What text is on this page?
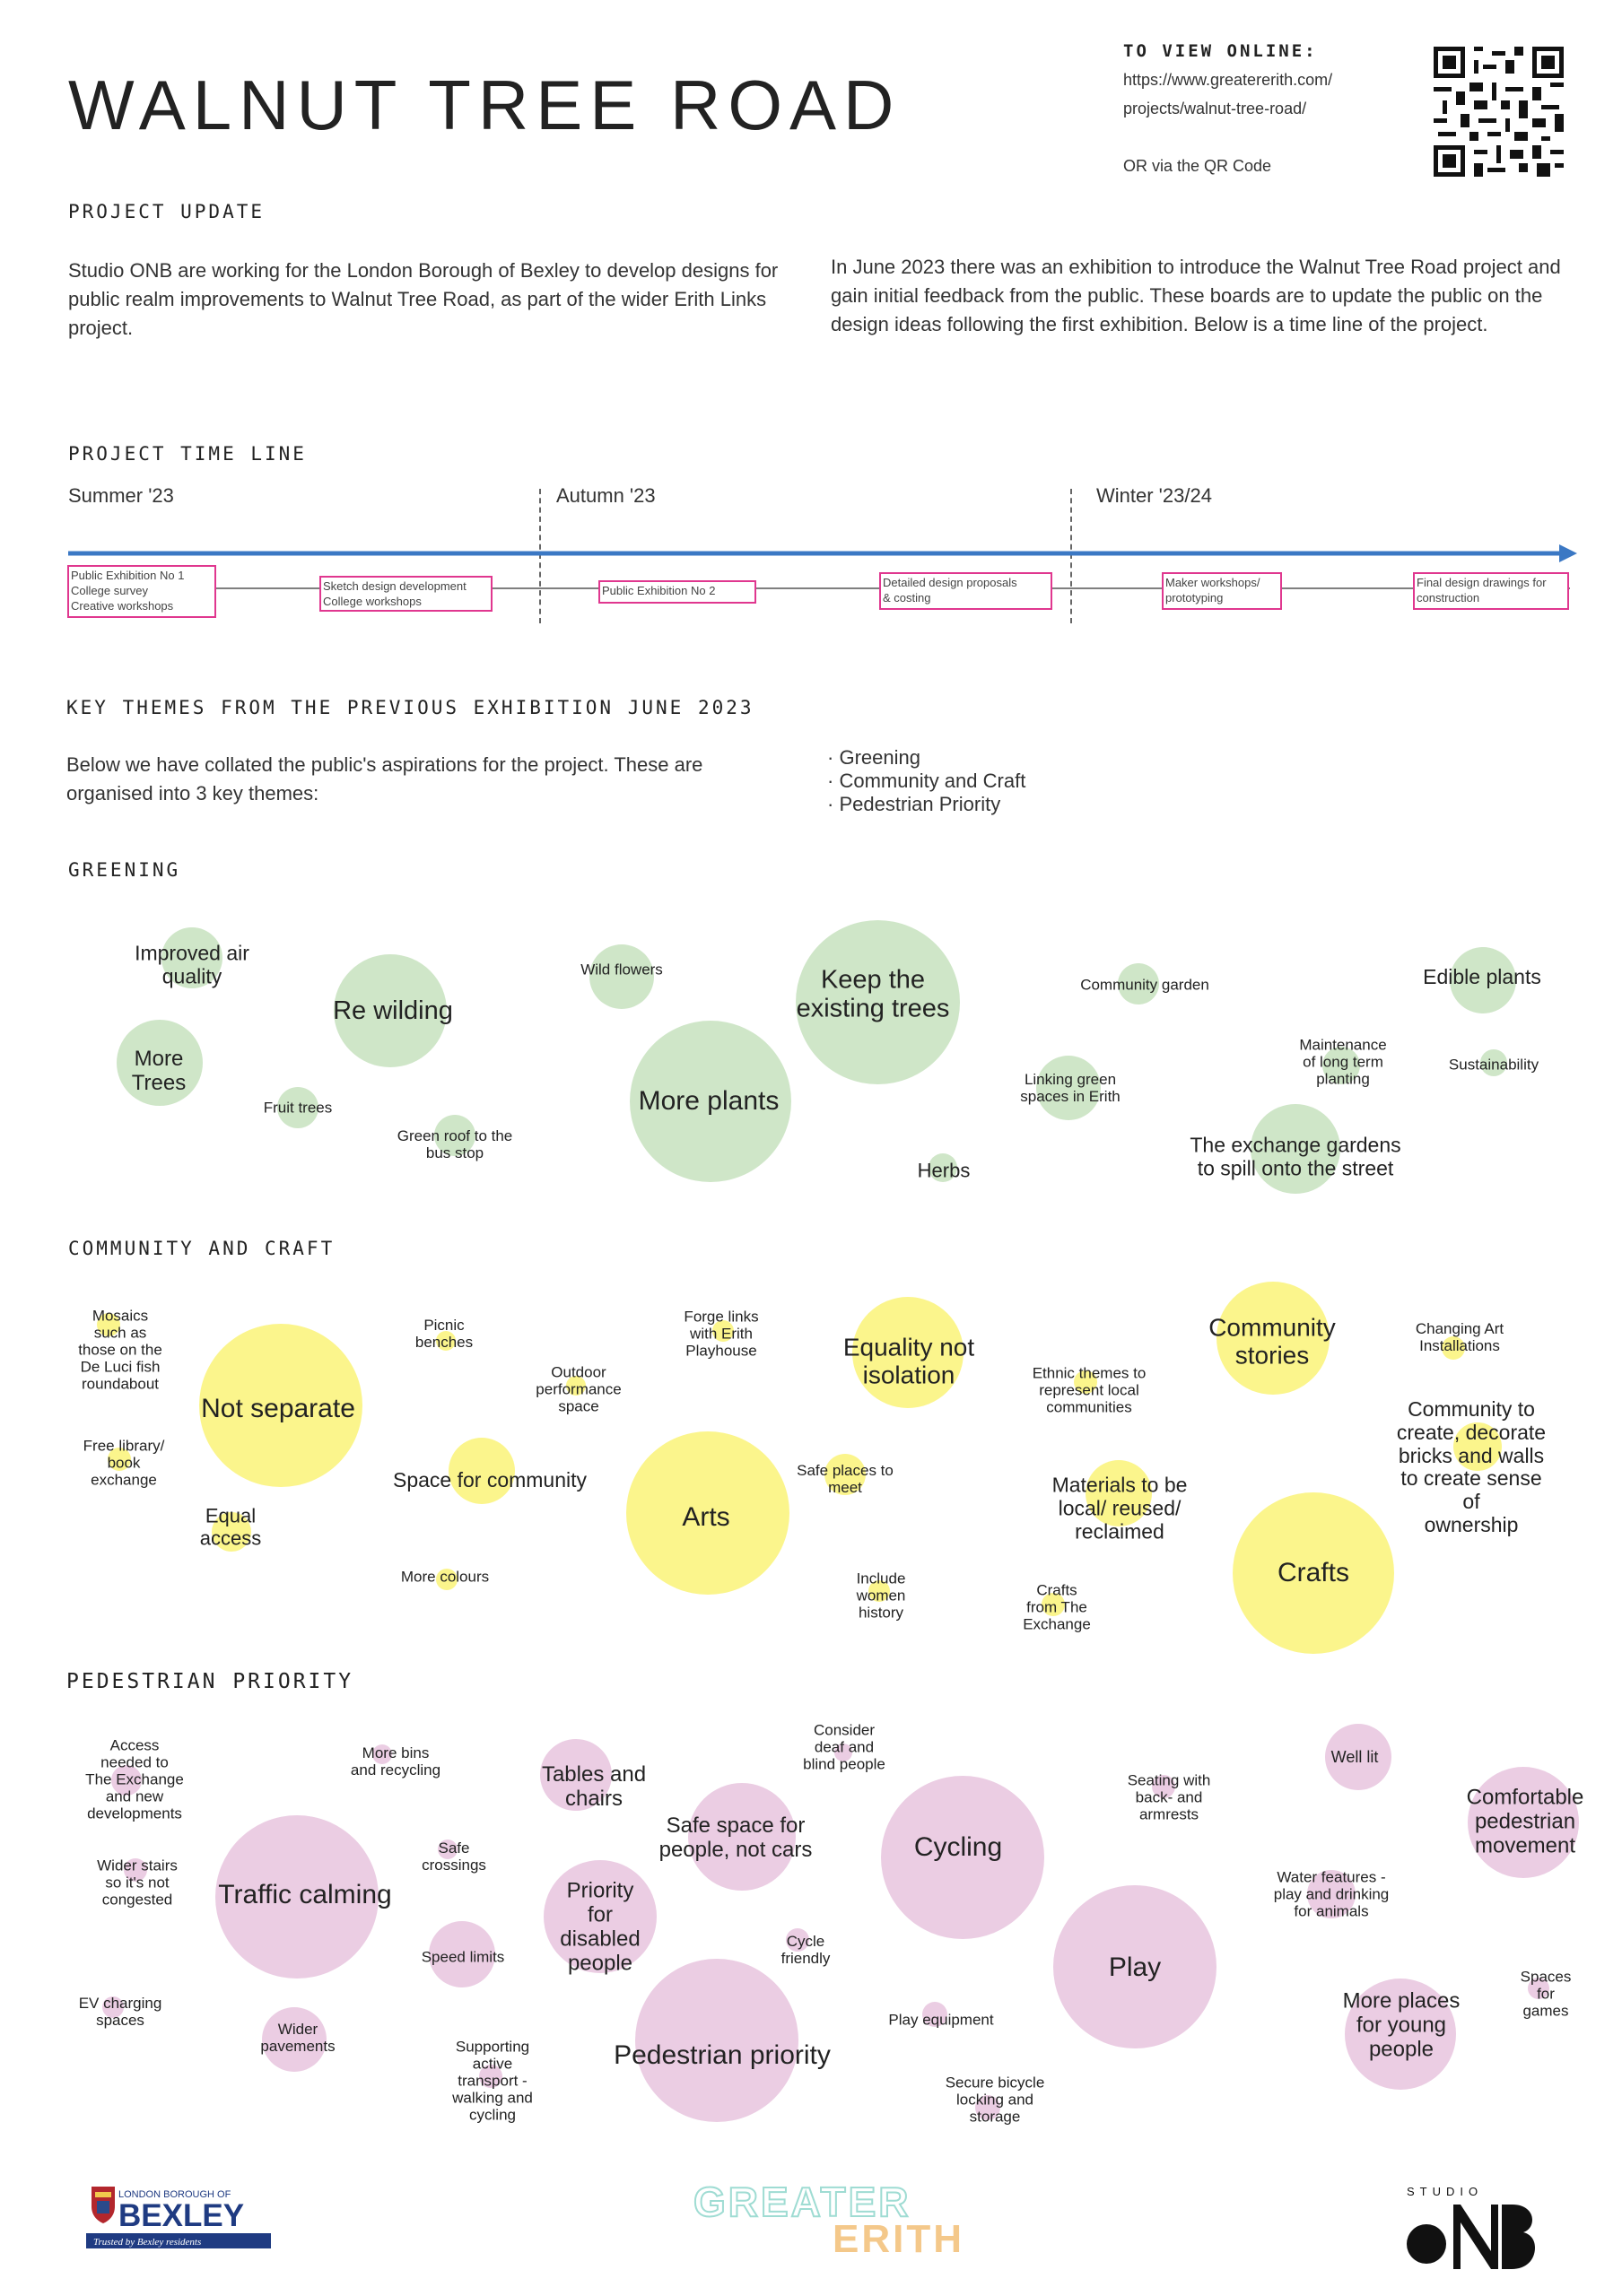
WALNUT TREE ROAD
TO VIEW ONLINE:
https://www.greatererith.com/
projects/walnut-tree-road/
OR via the QR Code
PROJECT UPDATE
Studio ONB are working for the London Borough of Bexley to develop designs for public realm improvements to Walnut Tree Road, as part of the wider Erith Links project.
In June 2023 there was an exhibition to introduce the Walnut Tree Road project and gain initial feedback from the public. These boards are to update the public on the design ideas following the first exhibition. Below is a time line of the project.
PROJECT TIME LINE
Summer '23	Autumn '23	Winter '23/24
Public Exhibition No 1
College survey
Creative workshops
Sketch design development
College workshops
Public Exhibition No 2
Detailed design proposals
& costing
Maker workshops/
prototyping
Final design drawings for
construction
KEY THEMES FROM THE PREVIOUS EXHIBITION JUNE 2023
Below we have collated the public's aspirations for the project. These are organised into 3 key themes:
· Greening
· Community and Craft
· Pedestrian Priority
GREENING
Improved air
quality
Re wilding
Wild flowers	Keep the
existing trees
Community garden	Edible plants
More
Trees
Fruit trees
Green roof to the
bus stop
More plants
Maintenance
of long term
planting
Sustainability
Linking green
spaces in Erith
Herbs
The exchange gardens
to spill onto the street
COMMUNITY AND CRAFT
Mosaics
such as
those on the
De Luci fish
roundabout
Not separate
Picnic
benches
Outdoor
performance
space
Forge links
with Erith
Playhouse	Equality not
isolation	Ethnic themes to
represent local
communities
Community
stories
Changing Art
Installations
Free library/
book
exchange	Space for community
Arts
Safe places to
meet	Materials to be
local/ reused/
reclaimed
Community to
create, decorate
bricks and walls
to create sense of
ownership
Equal
access
More colours	Include
women
history
Crafts
from The
Exchange
Crafts
PEDESTRIAN PRIORITY
Access
needed to
The Exchange
and new
developments
More bins
and recycling	Tables and
chairs
Consider
deaf and
blind people
Safe space for
people, not cars	Cycling
Seating with
back- and
armrests
Well lit
Comfortable
pedestrian
movement
Wider stairs
so it's not
congested Traffic calming
Safe
crossings
Priority
for
disabled
people
Water features -
play and drinking
for animals
Speed limits
Cycle
friendly	Play
EV charging
spaces
Wider
pavements
Play equipment
More places
for young
people
Spaces
for
games
Supporting
active
transport -
walking and
cycling
Pedestrian priority
Secure bicycle
locking and
storage
LONDON BOROUGH OF
BEXLEY
Trusted by Bexley residents
GREATER
ERITH
STUDIO
